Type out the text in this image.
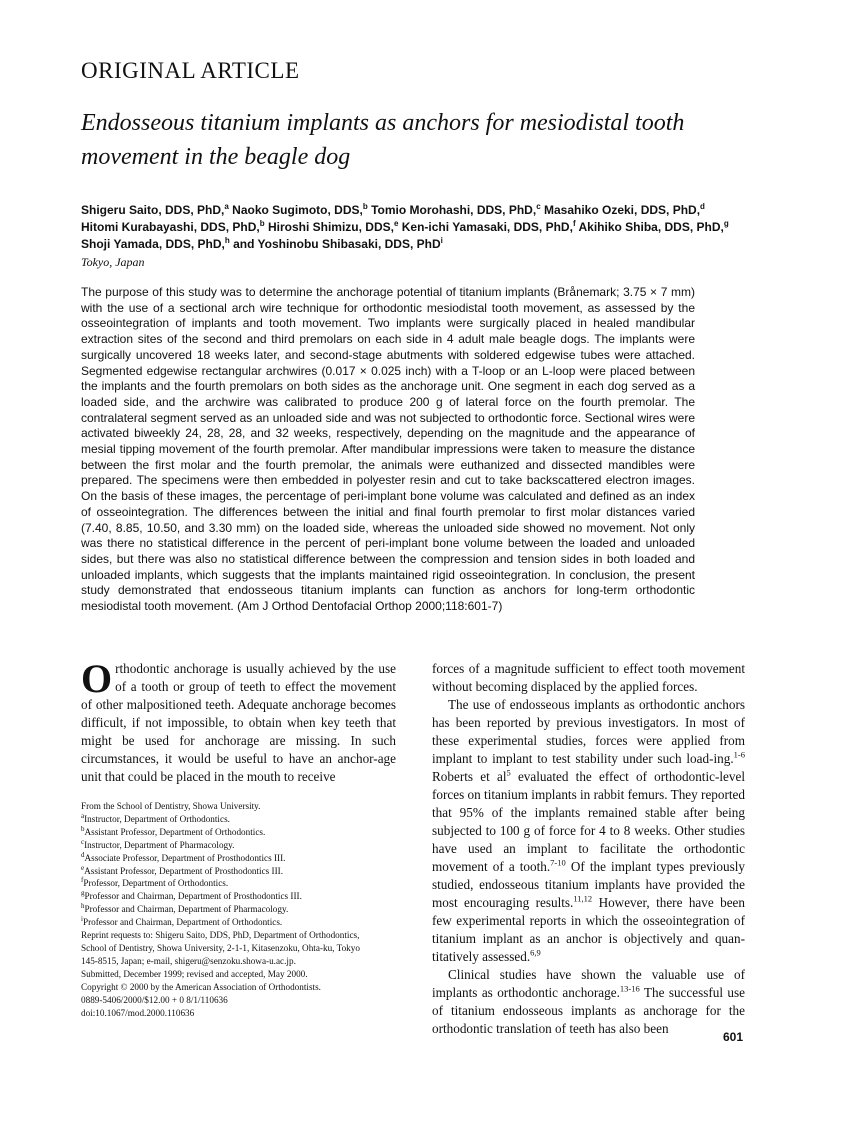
ORIGINAL ARTICLE
Endosseous titanium implants as anchors for mesiodistal tooth movement in the beagle dog
Shigeru Saito, DDS, PhD,$^a$ Naoko Sugimoto, DDS,$^b$ Tomio Morohashi, DDS, PhD,$^c$ Masahiko Ozeki, DDS, PhD,$^d$
Hitomi Kurabayashi, DDS, PhD,$^b$ Hiroshi Shimizu, DDS,$^e$ Ken-ichi Yamasaki, DDS, PhD,$^f$ Akihiko Shiba, DDS, PhD,$^g$
Shoji Yamada, DDS, PhD,$^h$ and Yoshinobu Shibasaki, DDS, PhD$^i$
Tokyo, Japan
The purpose of this study was to determine the anchorage potential of titanium implants (Brånemark; 3.75 × 7 mm) with the use of a sectional arch wire technique for orthodontic mesiodistal tooth movement, as assessed by the osseointegration of implants and tooth movement. Two implants were surgically placed in healed mandibular extraction sites of the second and third premolars on each side in 4 adult male beagle dogs. The implants were surgically uncovered 18 weeks later, and second-stage abutments with soldered edgewise tubes were attached. Segmented edgewise rectangular archwires (0.017 × 0.025 inch) with a T-loop or an L-loop were placed between the implants and the fourth premolars on both sides as the anchorage unit. One segment in each dog served as a loaded side, and the archwire was calibrated to produce 200 g of lateral force on the fourth premolar. The contralateral segment served as an unloaded side and was not subjected to orthodontic force. Sectional wires were activated biweekly 24, 28, 28, and 32 weeks, respectively, depending on the magnitude and the appearance of mesial tipping movement of the fourth premolar. After mandibular impressions were taken to measure the distance between the first molar and the fourth premolar, the animals were euthanized and dissected mandibles were prepared. The specimens were then embedded in polyester resin and cut to take backscattered electron images. On the basis of these images, the percentage of peri-implant bone volume was calculated and defined as an index of osseointegration. The differences between the initial and final fourth premolar to first molar distances varied (7.40, 8.85, 10.50, and 3.30 mm) on the loaded side, whereas the unloaded side showed no movement. Not only was there no statistical difference in the percent of peri-implant bone volume between the loaded and unloaded sides, but there was also no statistical difference between the compression and tension sides in both loaded and unloaded implants, which suggests that the implants maintained rigid osseointegration. In conclusion, the present study demonstrated that endosseous titanium implants can function as anchors for long-term orthodontic mesiodistal tooth movement. (Am J Orthod Dentofacial Orthop 2000;118:601-7)

Orthodontic anchorage is usually achieved by the use of a tooth or group of teeth to effect the movement of other malpositioned teeth. Adequate anchorage becomes difficult, if not impossible, to obtain when key teeth that might be used for anchorage are missing. In such circumstances, it would be useful to have an anchor-age unit that could be placed in the mouth to receive

From the School of Dentistry, Showa University.
$^a$Instructor, Department of Orthodontics.
$^b$Assistant Professor, Department of Orthodontics.
$^c$Instructor, Department of Pharmacology.
$^d$Associate Professor, Department of Prosthodontics III.
$^e$Assistant Professor, Department of Prosthodontics III.
$^f$Professor, Department of Orthodontics.
$^g$Professor and Chairman, Department of Prosthodontics III.
$^h$Professor and Chairman, Department of Pharmacology.
$^i$Professor and Chairman, Department of Orthodontics.
Reprint requests to: Shigeru Saito, DDS, PhD, Department of Orthodontics,
School of Dentistry, Showa University, 2-1-1, Kitasenzoku, Ohta-ku, Tokyo
145-8515, Japan; e-mail, shigeru@senzoku.showa-u.ac.jp.
Submitted, December 1999; revised and accepted, May 2000.
Copyright © 2000 by the American Association of Orthodontists.
0889-5406/2000/$12.00 + 0 8/1/110636
doi:10.1067/mod.2000.110636

forces of a magnitude sufficient to effect tooth movement without becoming displaced by the applied forces.

The use of endosseous implants as orthodontic anchors has been reported by previous investigators. In most of these experimental studies, forces were applied from implant to implant to test stability under such load-ing.$^{1-6}$ Roberts et $al^5$ evaluated the effect of orthodontic-level forces on titanium implants in rabbit femurs. They reported that 95% of the implants remained stable after being subjected to 100 g of force for 4 to 8 weeks. Other studies have used an implant to facilitate the orthodontic movement of a tooth.$^{7-10}$ Of the implant types previously studied, endosseous titanium implants have provided the most encouraging results.$^{11,12}$ However, there have been few experimental reports in which the osseointegration of titanium implant as an anchor is objectively and quan-titatively assessed.$^{6,9}$

Clinical studies have shown the valuable use of implants as orthodontic anchorage.$^{13-16}$ The successful use of titanium endosseous implants as anchorage for the orthodontic translation of teeth has also been

601
